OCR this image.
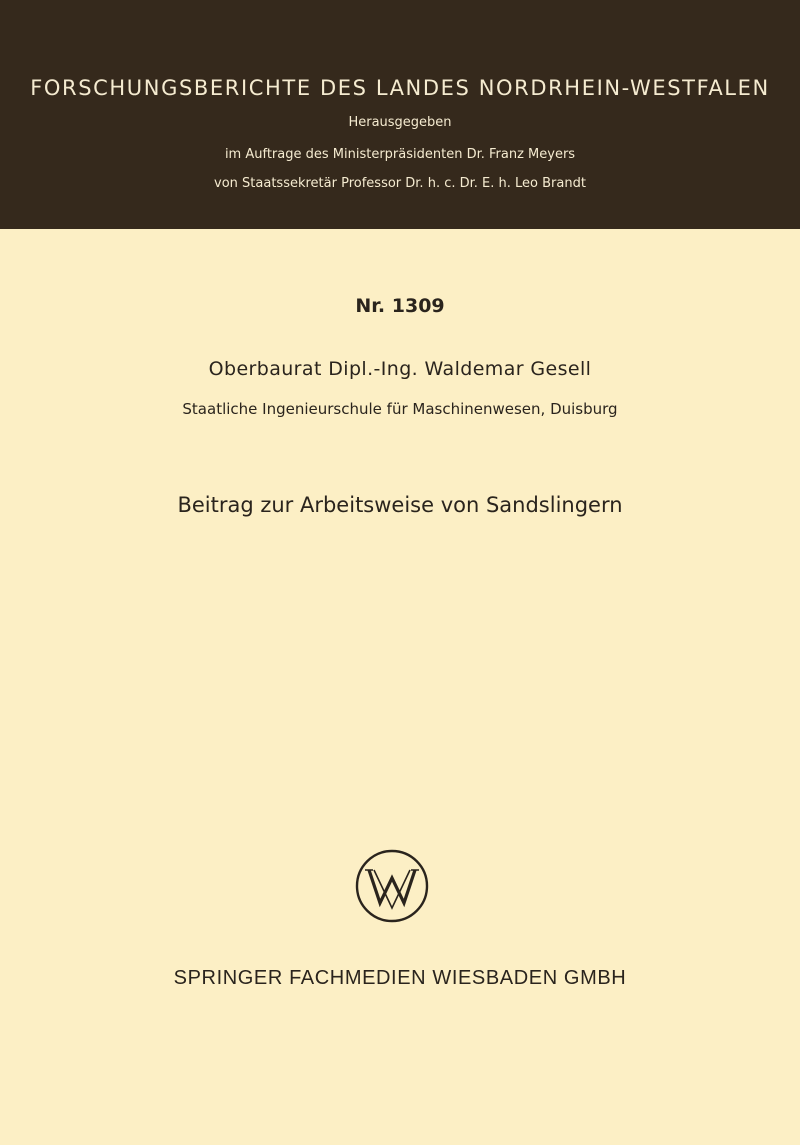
FORSCHUNGSBERICHTE DES LANDES NORDRHEIN-WESTFALEN
Herausgegeben
im Auftrage des Ministerpräsidenten Dr. Franz Meyers
von Staatssekretär Professor Dr. h. c. Dr. E. h. Leo Brandt
Nr. 1309
Oberbaurat Dipl.-Ing. Waldemar Gesell
Staatliche Ingenieurschule für Maschinenwesen, Duisburg
Beitrag zur Arbeitsweise von Sandslingern
SPRINGER FACHMEDIEN WIESBADEN GMBH
